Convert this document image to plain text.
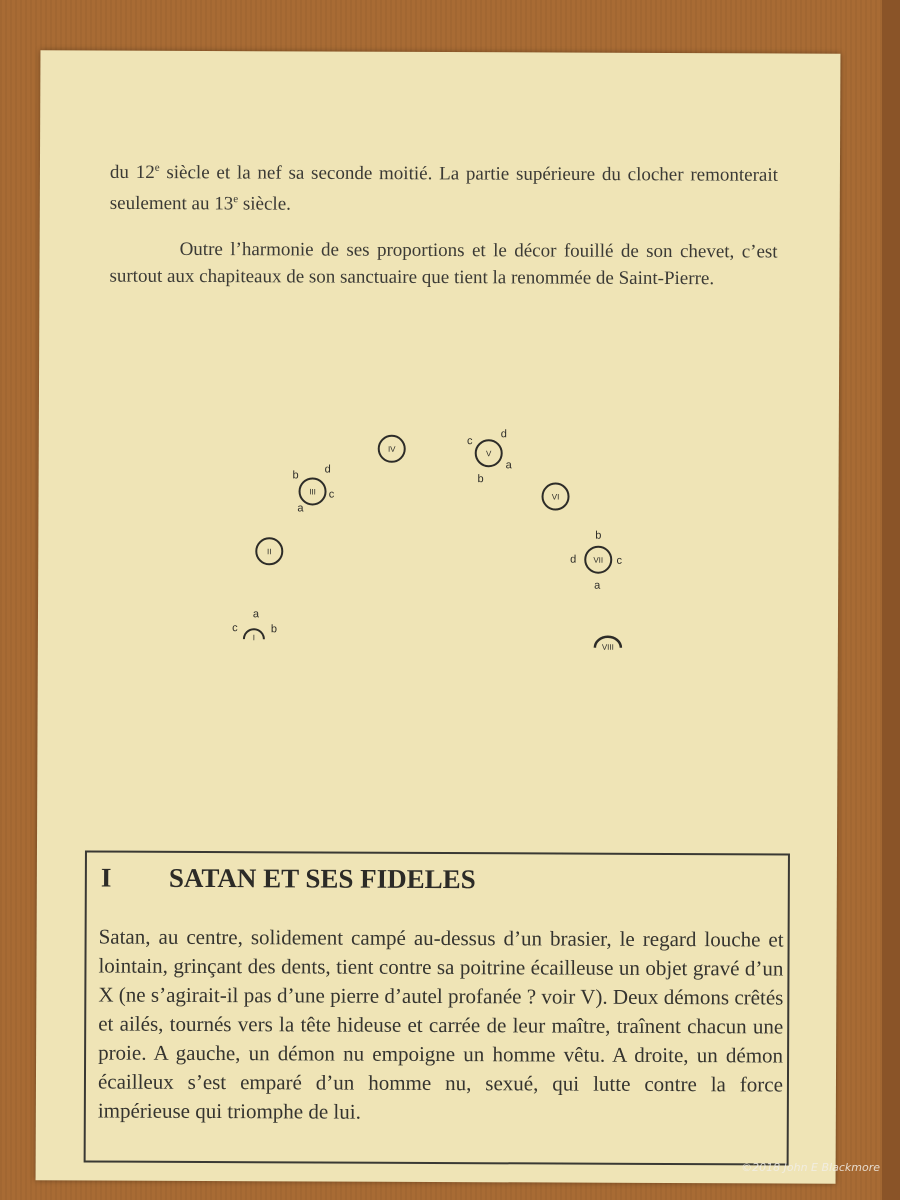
du 12e siècle et la nef sa seconde moitié. La partie supérieure du clocher remonterait seulement au 13e siècle.

Outre l’harmonie de ses proportions et le décor fouillé de son chevet, c’est surtout aux chapiteaux de son sanctuaire que tient la renommée de Saint-Pierre.

I
a
b
c
II
III
a
b
c
d
IV	V
a
b
c
d
VI
VII
a
b
c
d
VIII
I SATAN ET SES FIDELES

Satan, au centre, solidement campé au-dessus d’un brasier, le regard louche et lointain, grinçant des dents, tient contre sa poitrine écailleuse un objet gravé d’un X (ne s’agirait-il pas d’une pierre d’autel profanée ? voir V). Deux démons crêtés et ailés, tournés vers la tête hideuse et carrée de leur maître, traînent chacun une proie. A gauche, un démon nu empoigne un homme vêtu. A droite, un démon écailleux s’est emparé d’un homme nu, sexué, qui lutte contre la force impérieuse qui triomphe de lui.

©2018 John E Blackmore
